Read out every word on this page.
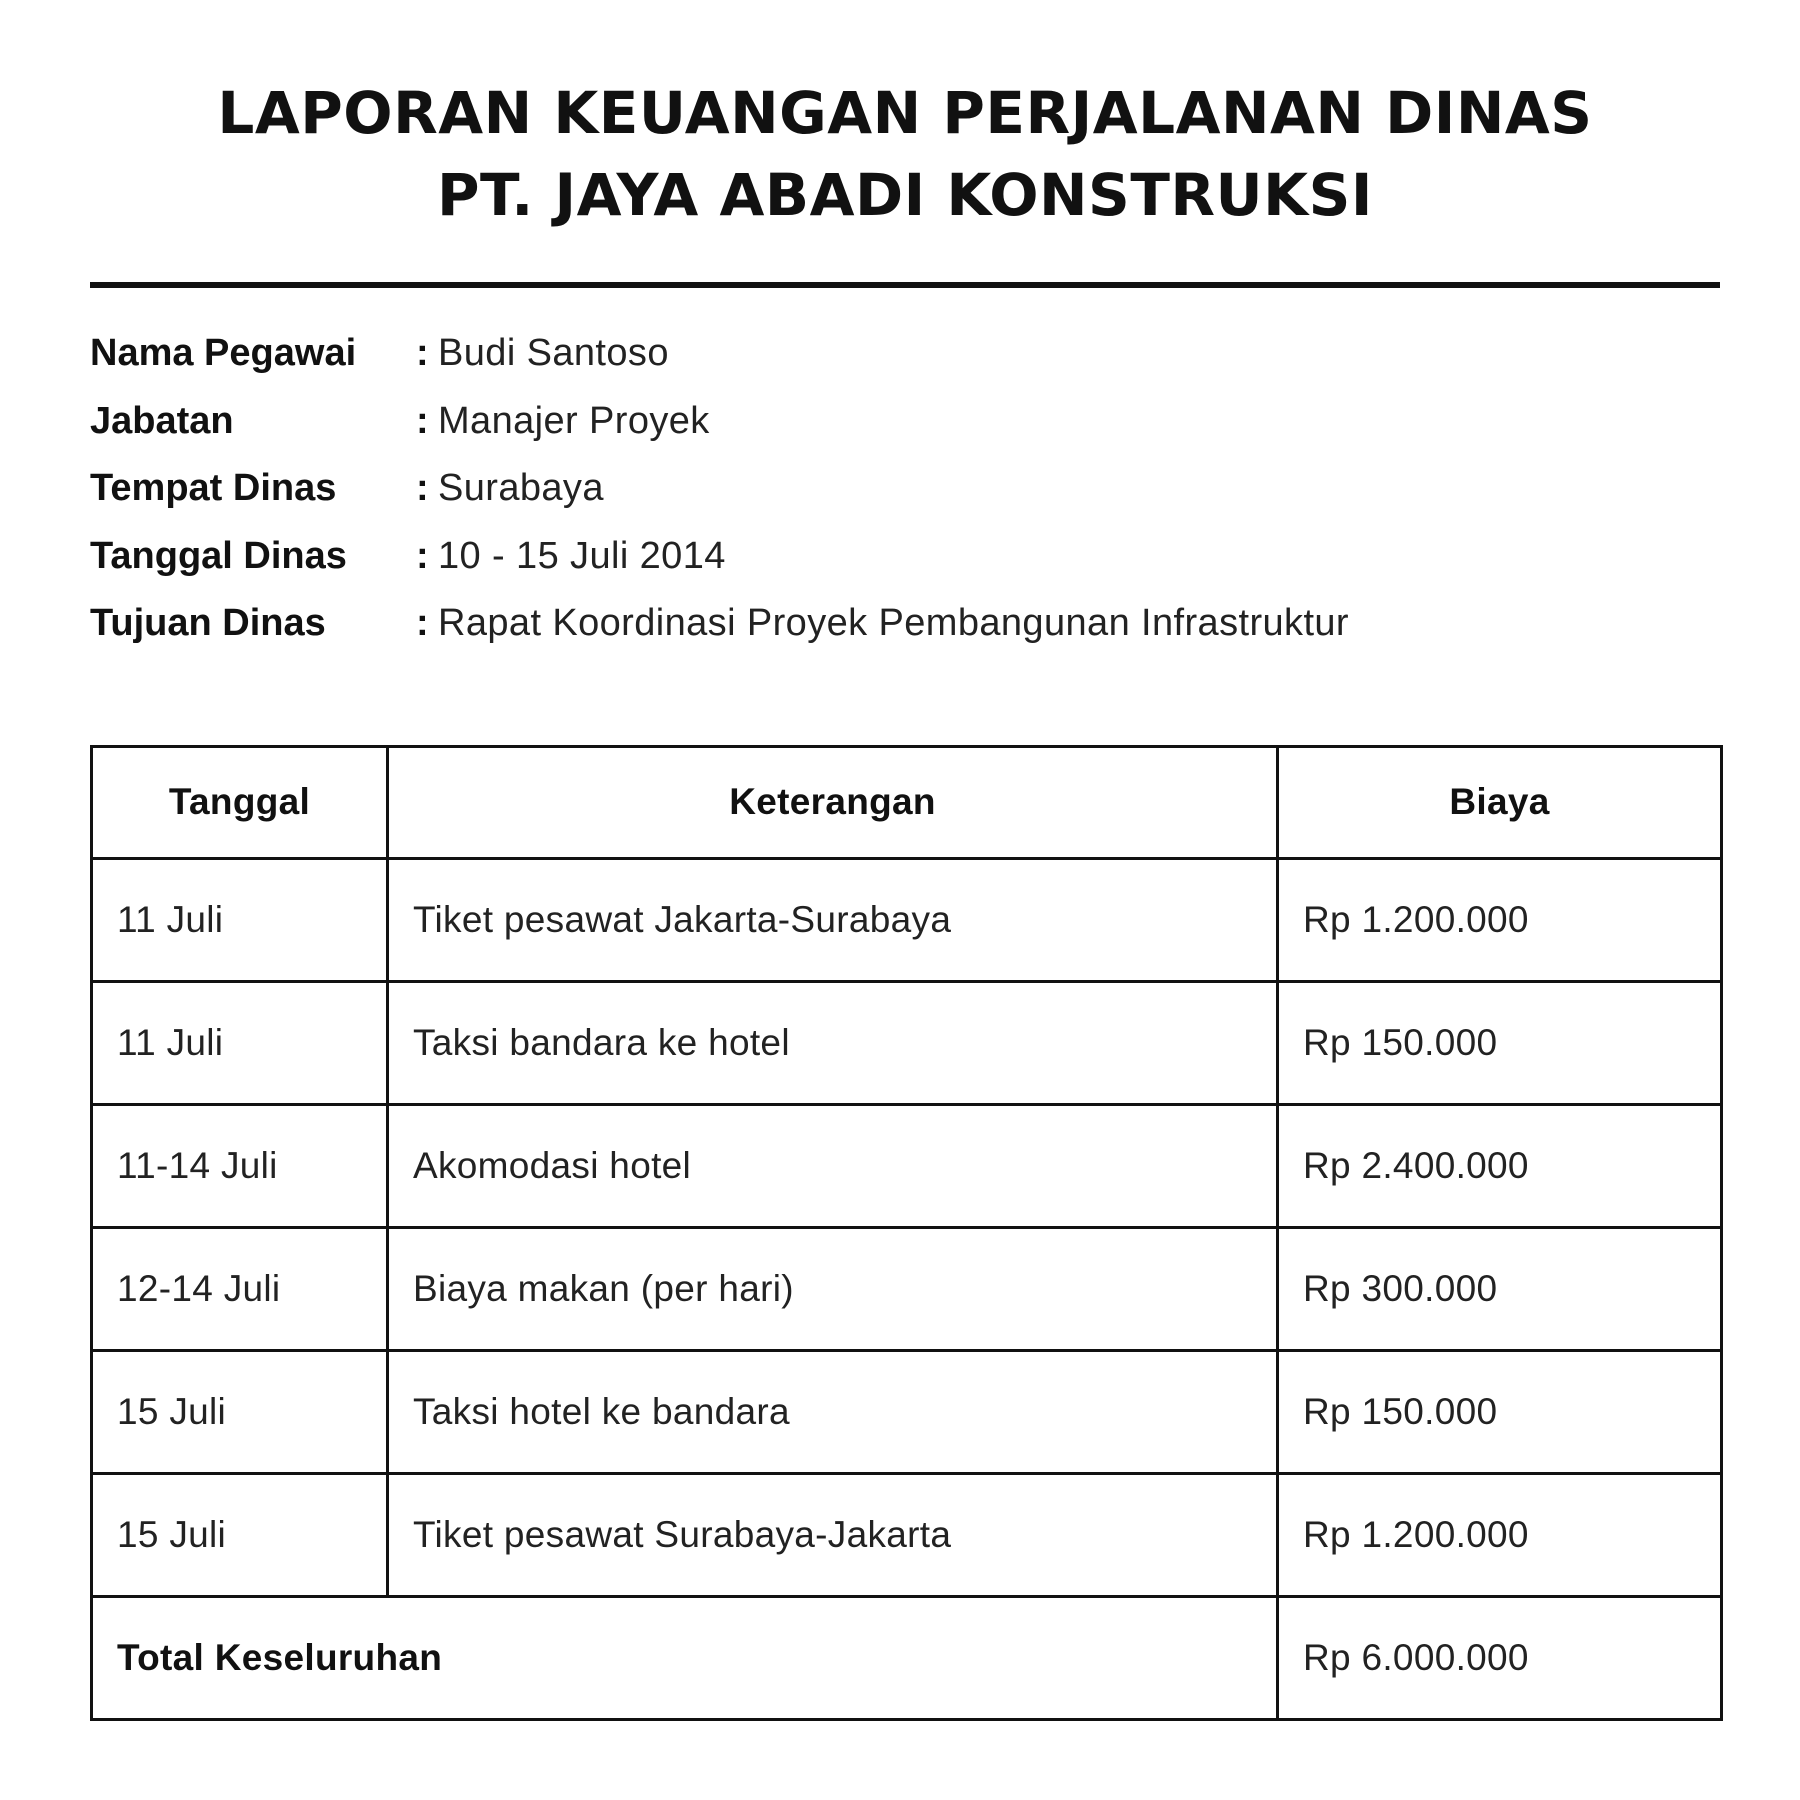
LAPORAN KEUANGAN PERJALANAN DINAS
PT. JAYA ABADI KONSTRUKSI
Nama Pegawai	: Budi Santoso
Jabatan	: Manajer Proyek
Tempat Dinas	: Surabaya
Tanggal Dinas	: 10 - 15 Juli 2014
Tujuan Dinas	: Rapat Koordinasi Proyek Pembangunan Infrastruktur
Tanggal	Keterangan	Biaya
11 Juli	Tiket pesawat Jakarta-Surabaya	Rp 1.200.000
11 Juli	Taksi bandara ke hotel	Rp 150.000
11-14 Juli	Akomodasi hotel	Rp 2.400.000
12-14 Juli	Biaya makan (per hari)	Rp 300.000
15 Juli	Taksi hotel ke bandara	Rp 150.000
15 Juli	Tiket pesawat Surabaya-Jakarta	Rp 1.200.000
Total Keseluruhan		Rp 6.000.000
